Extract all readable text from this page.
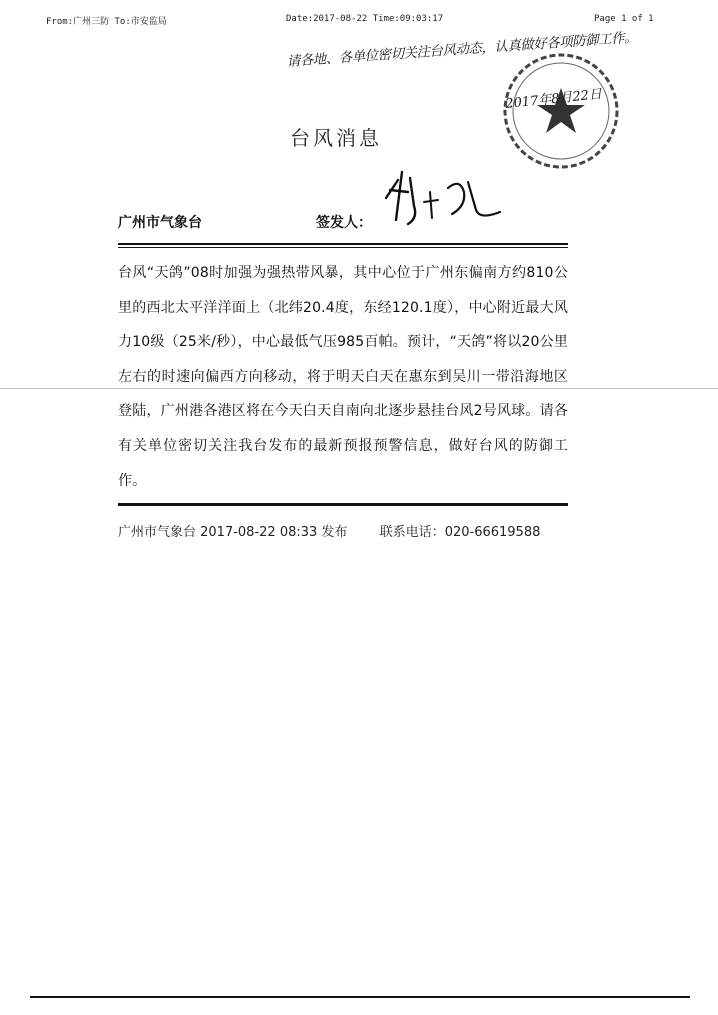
From:广州三防 To:市安监局	Date:2017-08-22 Time:09:03:17	Page 1 of 1
请各地、各单位密切关注台风动态，认真做好各项防御工作。
2017年8月22日
台风消息
广州市气象台	签发人：
台风“天鸽”08时加强为强热带风暴，其中心位于广州东偏南方约810公里的西北太平洋洋面上（北纬20.4度，东经120.1度），中心附近最大风力10级（25米/秒），中心最低气压985百帕。预计，“天鸽”将以20公里左右的时速向偏西方向移动，将于明天白天在惠东到吴川一带沿海地区登陆，广州港各港区将在今天白天自南向北逐步悬挂台风2号风球。请各有关单位密切关注我台发布的最新预报预警信息，做好台风的防御工作。
广州市气象台 2017-08-22 08:33 发布 联系电话：020-66619588
